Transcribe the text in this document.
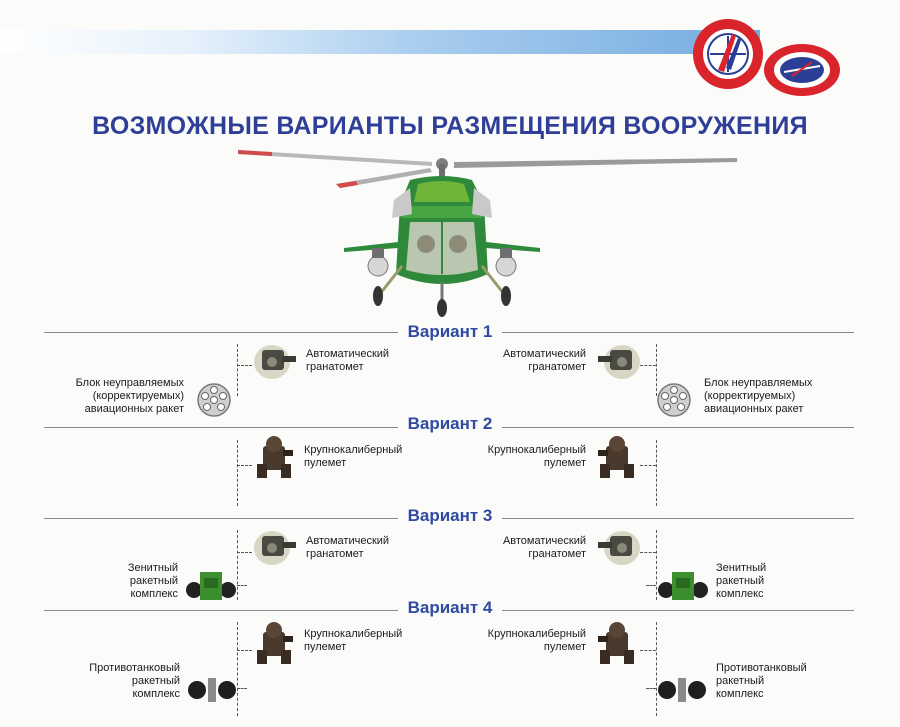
ВОЗМОЖНЫЕ ВАРИАНТЫ РАЗМЕЩЕНИЯ ВООРУЖЕНИЯ
Вариант 1
Вариант 2
Вариант 3
Вариант 4
Автоматический
гранатомет
Автоматический
гранатомет
Блок неуправляемых
(корректируемых)
авиационных ракет
Блок неуправляемых
(корректируемых)
авиационных ракет
Крупнокалиберный
пулемет
Крупнокалиберный
пулемет
Автоматический
гранатомет
Автоматический
гранатомет
Зенитный
ракетный
комплекс
Зенитный
ракетный
комплекс
Крупнокалиберный
пулемет
Крупнокалиберный
пулемет
Противотанковый
ракетный
комплекс
Противотанковый
ракетный
комплекс
